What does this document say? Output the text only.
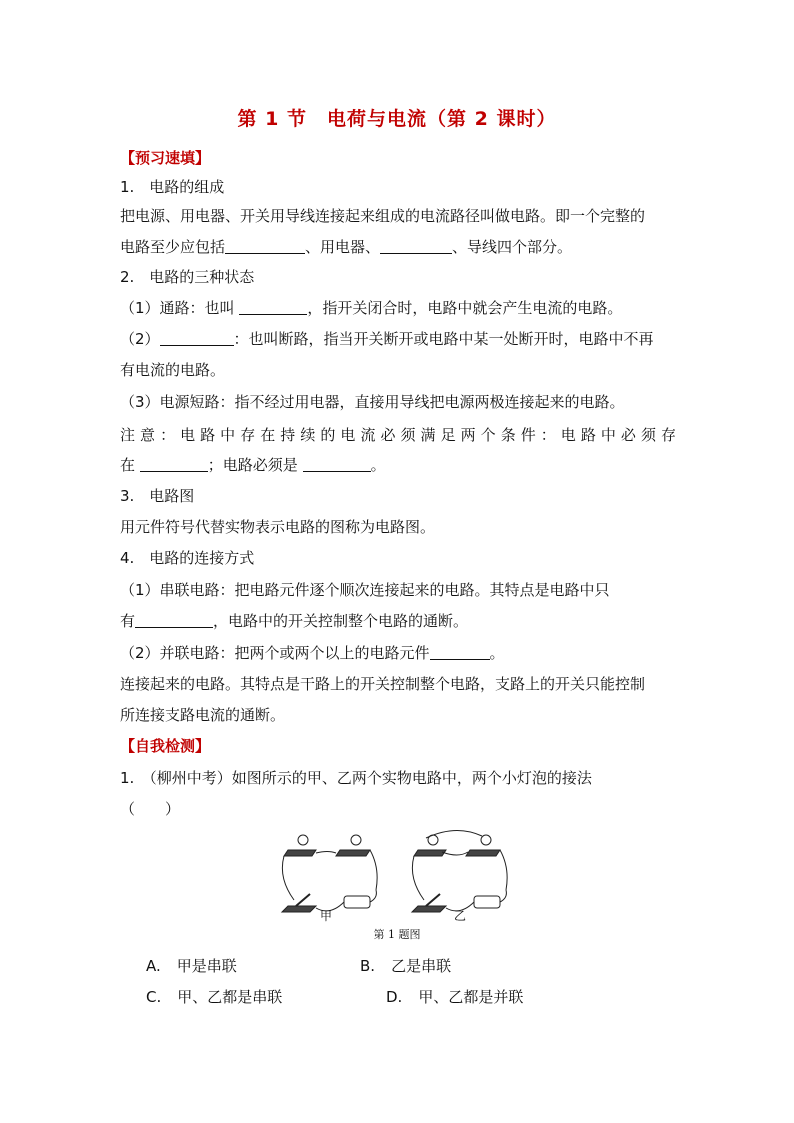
第 1 节　电荷与电流（第 2 课时）
【预习速填】
1.　电路的组成
把电源、用电器、开关用导线连接起来组成的电流路径叫做电路。即一个完整的
电路至少应包括	、用电器、	、导线四个部分。
2.　电路的三种状态
（1）通路：也叫	，指开关闭合时，电路中就会产生电流的电路。
（2）	：也叫断路，指当开关断开或电路中某一处断开时，电路中不再
有电流的电路。
（3）电源短路：指不经过用电器，直接用导线把电源两极连接起来的电路。
注意：电路中存在持续的电流必须满足两个条件：电路中必须存
在	；电路必须是	。
3.　电路图
用元件符号代替实物表示电路的图称为电路图。
4.　电路的连接方式
（1）串联电路：把电路元件逐个顺次连接起来的电路。其特点是电路中只
有	，电路中的开关控制整个电路的通断。
（2）并联电路：把两个或两个以上的电路元件	。
连接起来的电路。其特点是干路上的开关控制整个电路，支路上的开关只能控制
所连接支路电流的通断。
【自我检测】
1.　（柳州中考）如图所示的甲、乙两个实物电路中，两个小灯泡的接法
（　　）
甲	乙
第 1 题图
A. 甲是串联	B. 乙是串联
C. 甲、乙都是串联	D. 甲、乙都是并联
